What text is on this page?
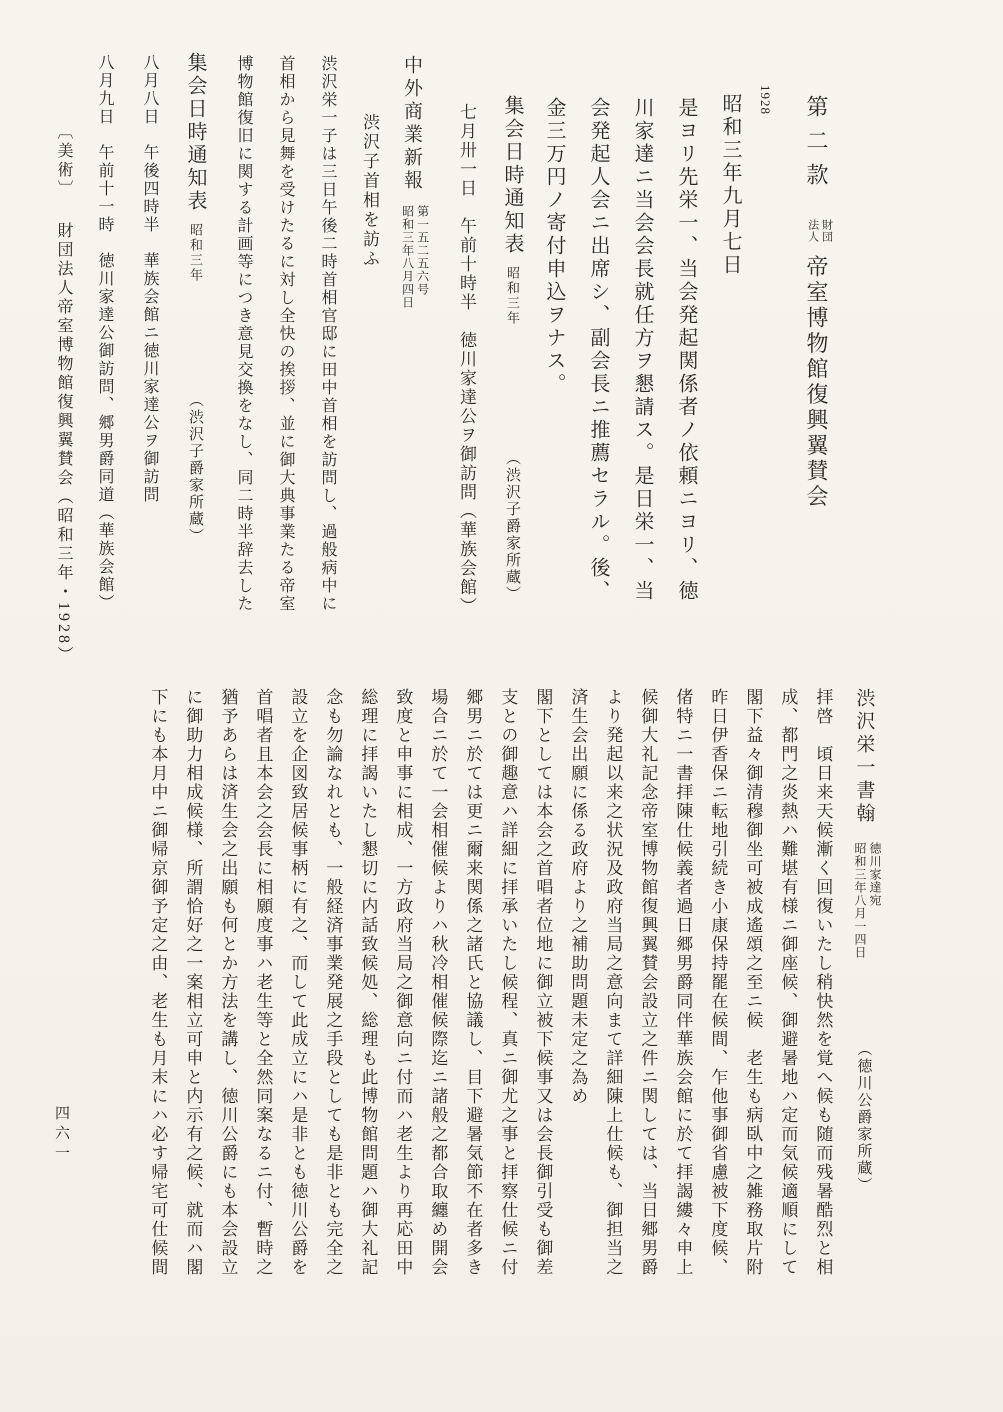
第二款
財団
法人
帝室博物館復興翼賛会
1928
昭和三年九月七日
是ヨリ先栄一、当会発起関係者ノ依頼ニヨリ、徳
川家達ニ当会会長就任方ヲ懇請ス。是日栄一、当
会発起人会ニ出席シ、副会長ニ推薦セラル。後、
金三万円ノ寄付申込ヲナス。
集会日時通知表 昭和三年 （渋沢子爵家所蔵）
七月卅一日　午前十時半　徳川家達公ヲ御訪問（華族会館）
中外商業新報
第一五二五六号
昭和三年八月四日
渋沢子首相を訪ふ
渋沢栄一子は三日午後二時首相官邸に田中首相を訪問し、過般病中に
首相から見舞を受けたるに対し全快の挨拶、並に御大典事業たる帝室
博物館復旧に関する計画等につき意見交換をなし、同二時半辞去した
集会日時通知表 昭和三年 （渋沢子爵家所蔵）
八月八日　午後四時半　華族会館ニ徳川家達公ヲ御訪問
八月九日　午前十一時　徳川家達公御訪問、郷男爵同道（華族会館）
〔美術〕 財団法人帝室博物館復興翼賛会（昭和三年・1928）
渋沢栄一書翰
徳川家達宛
昭和三年八月一四日
（徳川公爵家所蔵）
拝啓　頃日来天候漸く回復いたし稍快然を覚へ候も随而残暑酷烈と相
成、都門之炎熱ハ難堪有様ニ御座候、御避暑地ハ定而気候適順にして
閣下益々御清穆御坐可被成遙頌之至ニ候　老生も病臥中之雑務取片附
昨日伊香保ニ転地引続き小康保持罷在候間、乍他事御省慮被下度候、
偖特ニ一書拝陳仕候義者過日郷男爵同伴華族会館に於て拝謁縷々申上
候御大礼記念帝室博物館復興翼賛会設立之件ニ関しては、当日郷男爵
より発起以来之状況及政府当局之意向まて詳細陳上仕候も、御担当之
済生会出願に係る政府より之補助問題未定之為め
閣下としては本会之首唱者位地に御立被下候事又は会長御引受も御差
支との御趣意ハ詳細に拝承いたし候程、真ニ御尤之事と拝察仕候ニ付
郷男ニ於ては更ニ爾来関係之諸氏と協議し、目下避暑気節不在者多き
場合ニ於て一会相催候よりハ秋冷相催候際迄ニ諸般之都合取纏め開会
致度と申事に相成、一方政府当局之御意向ニ付而ハ老生より再応田中
総理に拝謁いたし懇切に内話致候処、総理も此博物館問題ハ御大礼記
念も勿論なれとも、一般経済事業発展之手段としても是非とも完全之
設立を企図致居候事柄に有之、而して此成立にハ是非とも徳川公爵を
首唱者且本会之会長に相願度事ハ老生等と全然同案なるニ付、暫時之
猶予あらは済生会之出願も何とか方法を講し、徳川公爵にも本会設立
に御助力相成候様、所謂恰好之一案相立可申と内示有之候、就而ハ閣
下にも本月中ニ御帰京御予定之由、老生も月末にハ必す帰宅可仕候間
四六一
